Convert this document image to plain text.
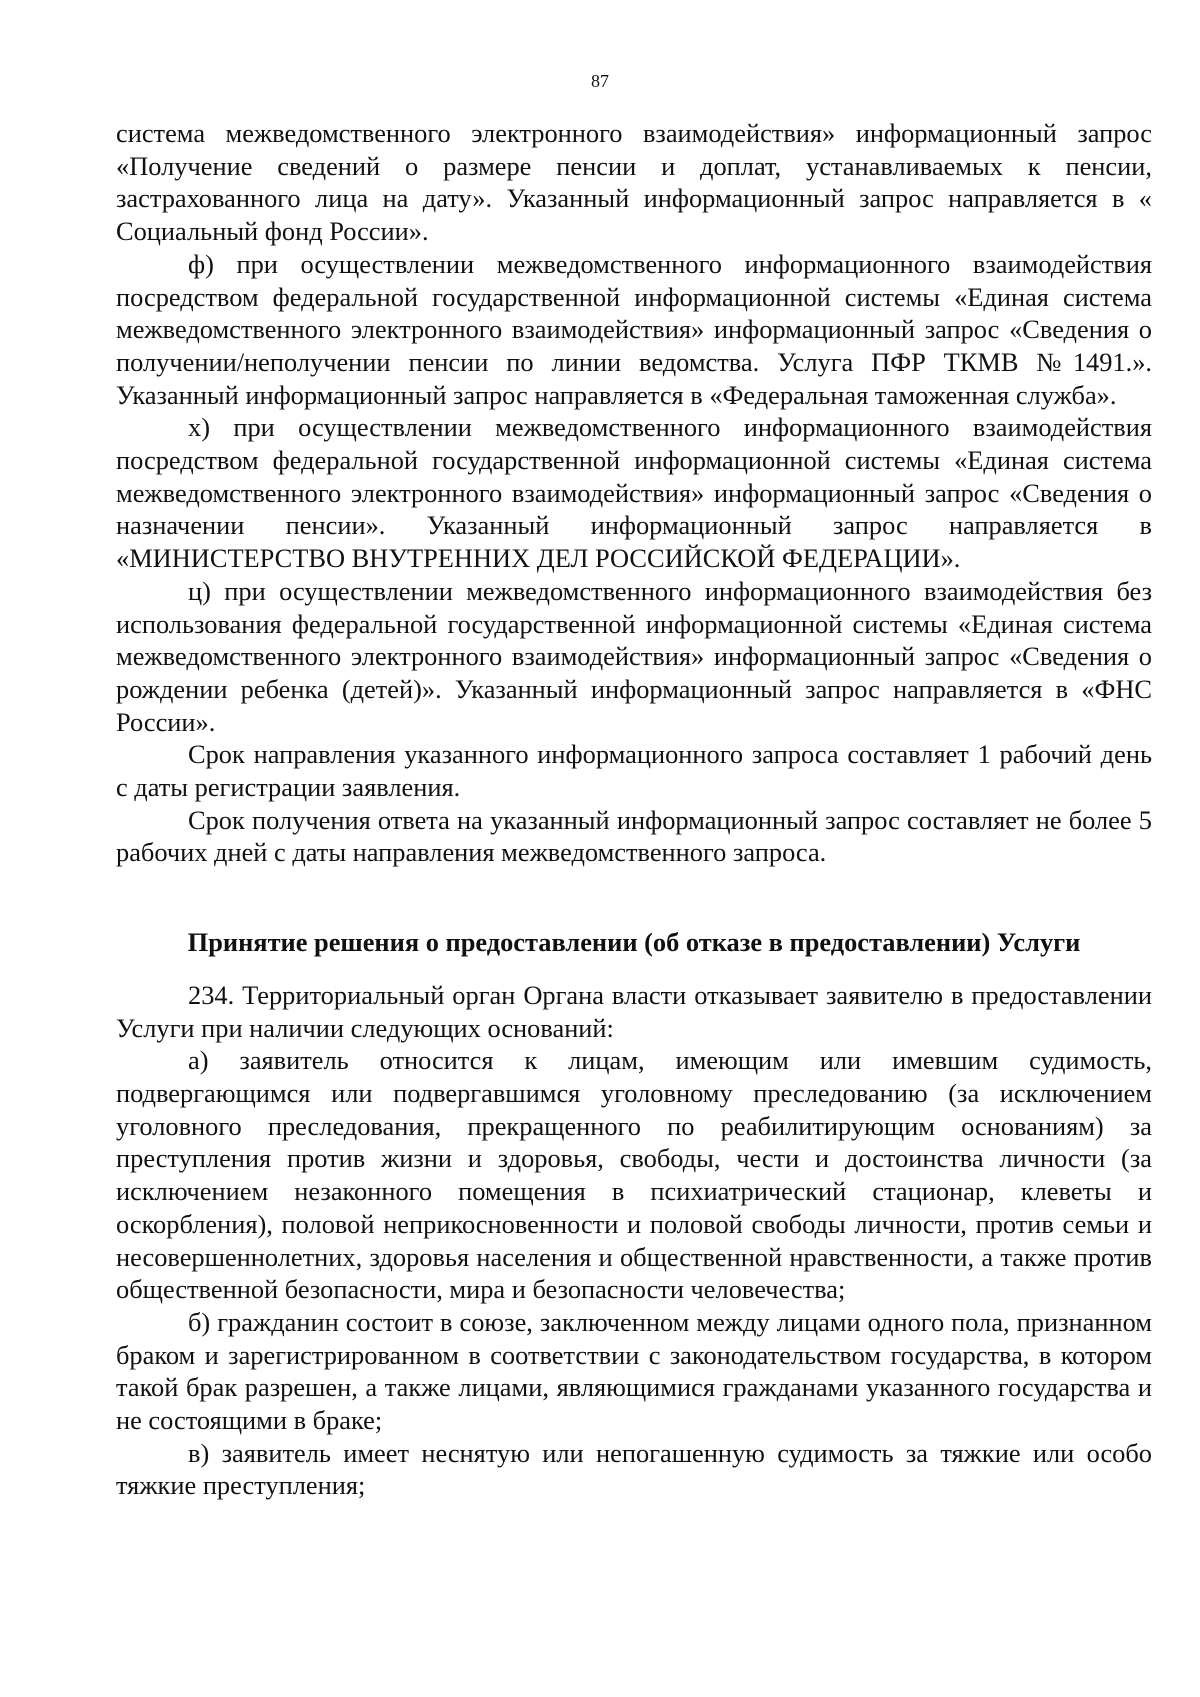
87

система межведомственного электронного взаимодействия» информационный запрос «Получение сведений о размере пенсии и доплат, устанавливаемых к пенсии, застрахованного лица на дату». Указанный информационный запрос направляется в « Социальный фонд России».

ф) при осуществлении межведомственного информационного взаимодействия посредством федеральной государственной информационной системы «Единая система межведомственного электронного взаимодействия» информационный запрос «Сведения о получении/неполучении пенсии по линии ведомства. Услуга ПФР ТКМВ №1491.». Указанный информационный запрос направляется в «Федеральная таможенная служба».

х) при осуществлении межведомственного информационного взаимодействия посредством федеральной государственной информационной системы «Единая система межведомственного электронного взаимодействия» информационный запрос «Сведения о назначении пенсии». Указанный информационный запрос направляется в «МИНИСТЕРСТВО ВНУТРЕННИХ ДЕЛ РОССИЙСКОЙ ФЕДЕРАЦИИ».

ц) при осуществлении межведомственного информационного взаимодействия без использования федеральной государственной информационной системы «Единая система межведомственного электронного взаимодействия» информационный запрос «Сведения о рождении ребенка (детей)». Указанный информационный запрос направляется в «ФНС России».

Срок направления указанного информационного запроса составляет 1 рабочий день с даты регистрации заявления.

Срок получения ответа на указанный информационный запрос составляет не более 5 рабочих дней с даты направления межведомственного запроса.

Принятие решения о предоставлении (об отказе в предоставлении) Услуги

234. Территориальный орган Органа власти отказывает заявителю в предоставлении Услуги при наличии следующих оснований:

а) заявитель относится к лицам, имеющим или имевшим судимость, подвергающимся или подвергавшимся уголовному преследованию (за исключением уголовного преследования, прекращенного по реабилитирующим основаниям) за преступления против жизни и здоровья, свободы, чести и достоинства личности (за исключением незаконного помещения в психиатрический стационар, клеветы и оскорбления), половой неприкосновенности и половой свободы личности, против семьи и несовершеннолетних, здоровья населения и общественной нравственности, а также против общественной безопасности, мира и безопасности человечества;

б) гражданин состоит в союзе, заключенном между лицами одного пола, признанном браком и зарегистрированном в соответствии с законодательством государства, в котором такой брак разрешен, а также лицами, являющимися гражданами указанного государства и не состоящими в браке;

в) заявитель имеет неснятую или непогашенную судимость за тяжкие или особо тяжкие преступления;
